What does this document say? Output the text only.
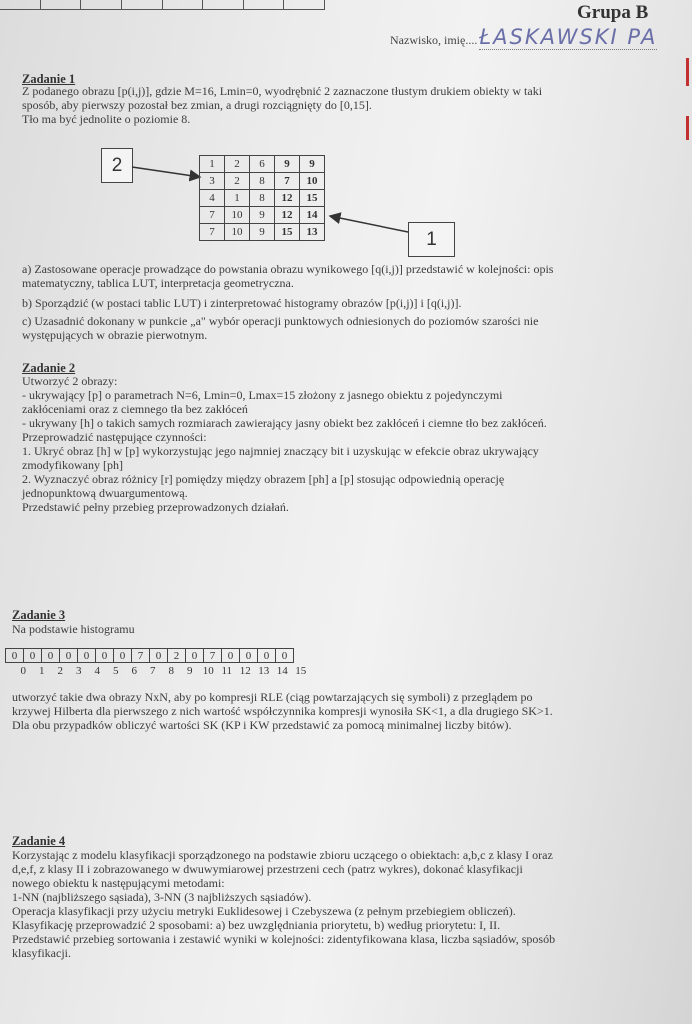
Grupa B
Nazwisko, imię....ŁASKAWSKI PA
Zadanie 1

Z podanego obrazu [p(i,j)], gdzie M=16, Lmin=0, wyodrębnić 2 zaznaczone tłustym drukiem obiekty w taki

sposób, aby pierwszy pozostał bez zmian, a drugi rozciągnięty do [0,15].

Tło ma być jednolite o poziomie 8.

2
1
1	2	6	9	9
3	2	8	7	10
4	1	8	12	15
7	10	9	12	14
7	10	9	15	13

a) Zastosowane operacje prowadzące do powstania obrazu wynikowego [q(i,j)] przedstawić w kolejności: opis

matematyczny, tablica LUT, interpretacja geometryczna.

b) Sporządzić (w postaci tablic LUT) i zinterpretować histogramy obrazów [p(i,j)] i [q(i,j)].

c) Uzasadnić dokonany w punkcie „a" wybór operacji punktowych odniesionych do poziomów szarości nie

występujących w obrazie pierwotnym.

Zadanie 2

Utworzyć 2 obrazy:

- ukrywający [p] o parametrach N=6, Lmin=0, Lmax=15 złożony z jasnego obiektu z pojedynczymi

zakłóceniami oraz z ciemnego tła bez zakłóceń

- ukrywany [h] o takich samych rozmiarach zawierający jasny obiekt bez zakłóceń i ciemne tło bez zakłóceń.

Przeprowadzić następujące czynności:

1. Ukryć obraz [h] w [p] wykorzystując jego najmniej znaczący bit i uzyskując w efekcie obraz ukrywający

zmodyfikowany [ph]

2. Wyznaczyć obraz różnicy [r] pomiędzy między obrazem [ph] a [p] stosując odpowiednią operację

jednopunktową dwuargumentową.

Przedstawić pełny przebieg przeprowadzonych działań.

Zadanie 3
Na podstawie histogramu
0	0	0	0	0	0	0	7	0	2	0	7	0	0	0	0
0	1	2	3	4	5	6	7	8	9 10 11 12 13 14 15

utworzyć takie dwa obrazy NxN, aby po kompresji RLE (ciąg powtarzających się symboli) z przeglądem po

krzywej Hilberta dla pierwszego z nich wartość współczynnika kompresji wynosiła SK<1, a dla drugiego SK>1.

Dla obu przypadków obliczyć wartości SK (KP i KW przedstawić za pomocą minimalnej liczby bitów).

Zadanie 4

Korzystając z modelu klasyfikacji sporządzonego na podstawie zbioru uczącego o obiektach: a,b,c z klasy I oraz

d,e,f, z klasy II i zobrazowanego w dwuwymiarowej przestrzeni cech (patrz wykres), dokonać klasyfikacji

nowego obiektu k następującymi metodami:

1-NN (najbliższego sąsiada), 3-NN (3 najbliższych sąsiadów).

Operacja klasyfikacji przy użyciu metryki Euklidesowej i Czebyszewa (z pełnym przebiegiem obliczeń).

Klasyfikację przeprowadzić 2 sposobami: a) bez uwzględniania priorytetu, b) według priorytetu: I, II.

Przedstawić przebieg sortowania i zestawić wyniki w kolejności: zidentyfikowana klasa, liczba sąsiadów, sposób

klasyfikacji.
